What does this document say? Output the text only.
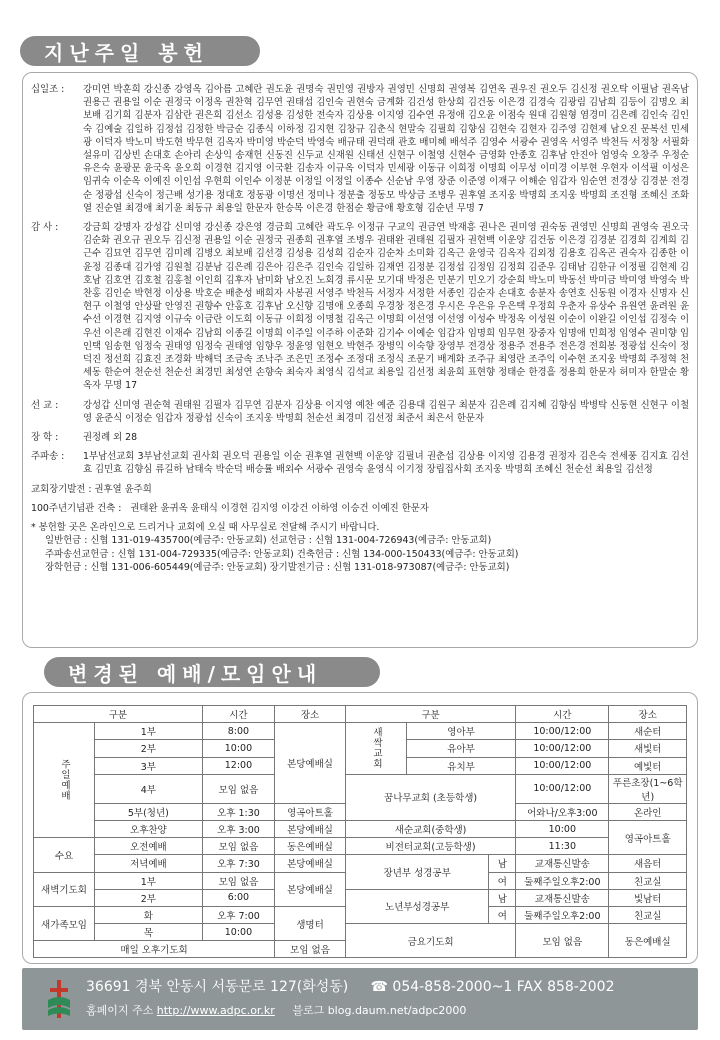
지난주일 봉헌
십일조 :	강미연 박훈희 강신종 강영옥 김아름 고혜란 권도윤 권명숙 권민영 권방자 권영민 신명희 권영복 김연옥 권우진 권오두 김신정 권오탁 이필남 권옥남 권용근 권용일 이순 권정국 이정옥 권찬혁 김무연 권태섭 김인숙 권현숙 금계화 김건성 한상희 김건동 이은경 김경숙 김광림 김남희 김등이 김명오 최보배 김기희 김분자 김삼란 권은희 김선소 김성용 김성한 전숙자 김상용 이지영 김수연 유정애 김오윤 이점숙 원대 김원형 염경미 김은례 김인숙 김인숙 김예술 김일하 김정섭 김정한 박금순 김종식 이하정 김지현 김창규 김춘식 현말숙 김필희 김향심 김현숙 김현자 김주영 김현제 남오진 문복선 민세광 이덕자 박노미 박도현 박무현 김옥자 박미영 박순덕 박영숙 배규태 권덕래 관호 배미혜 배석주 김영수 서광수 권영옥 서영주 박천득 서정창 서필화 설유미 김상빈 손대호 손아리 손상익 송재헌 신동진 신두교 신재원 신태선 신현구 이철영 신현수 금영화 안종호 김후남 안진아 엄영숙 오창주 우정순 유은숙 윤광문 윤국옥 윤오희 이경현 김지영 이국환 김송자 이규옥 이덕자 민세광 이동규 이희정 이명희 이무성 이미경 이부현 우현자 이석필 이성은 임귀숙 이순옥 이예진 이인섭 우현희 이인수 이정분 이정일 이정일 이종수 신순남 우영 장준 이준영 이재구 이해순 임갑자 임순연 전경상 김경분 전경순 정광섭 신숙이 정근배 성기용 정대호 정동광 이명선 정미나 정분출 정동모 박상금 조병우 권후열 조지웅 박명희 조지웅 박명희 조진형 조혜신 조화열 진순열 최경애 최기윤 최동규 최용일 한문자 한승목 이은경 한점순 황금애 황호형 김순년 무명 7
감 사 :	강금희 강명자 강성갑 신미영 강신종 강은영 경금희 고혜란 곽도우 이정규 구교익 권금연 박재흥 권나은 권미영 권숙동 권영민 신명희 권영숙 권오국 김순화 권오규 권오두 김신정 권용일 이순 권정국 권종희 권후열 조병우 권태완 권태원 김필자 권현백 이운양 김건동 이은경 김경분 김경희 김계희 김근수 김묘연 김무연 김미례 김병오 최보배 김선경 김성용 김성희 김순자 김순차 소미화 김옥근 윤영국 김옥자 김외정 김용호 김옥곤 권숙자 김종한 이윤정 김종대 김가영 김원철 김분남 김은례 김은아 김은주 김인숙 김일하 김재연 김정분 김정섭 김정임 김정희 김준우 김태남 김한규 이정필 김현제 김호남 김호연 김호철 김홍철 이인희 김후자 남미화 남오진 노회경 류시문 모기대 박정은 민분기 민오기 강순희 박노미 박동선 박미금 박미영 박영숙 박찬홍 김인순 박현정 이상용 박호순 배춘성 배희자 사봉권 서영주 박천득 서정자 서정한 서종인 김순자 손대호 송분자 송연호 신동원 이경자 신명자 신현구 이철영 안상팔 안영진 권향수 안홍호 김후남 오신향 김명애 오종희 우경창 정은경 우시은 우은유 우은택 우정희 우춘자 유상수 유원연 윤려원 윤수선 이경현 김지영 이규숙 이금란 이도희 이동규 이희정 이명철 김옥근 이명희 이선영 이선영 이성수 박정옥 이성원 이순이 이완길 이인섭 김정숙 이우선 이은래 김현진 이재수 김남희 이종길 이명희 이주일 이주하 이준화 김기수 이예순 임갑자 임명희 임무현 장중자 임명애 민희정 임영수 권미향 임인택 임송현 임정숙 권태영 임정숙 권태영 임향우 정윤영 임현오 박현주 장병익 이숙향 장영부 전경상 정용주 전용주 전은경 전희봉 정광섭 신숙이 정덕진 정선희 김효진 조경화 박해덕 조금속 조낙주 조은민 조정수 조정대 조정식 조문기 배계화 조주규 최영란 조주익 이수현 조지웅 박명희 주정혁 천세동 한순여 천순선 천순선 최경민 최성연 손향숙 최숙자 최영식 김석교 최용일 김선정 최윤희 표현향 정태순 한경흘 정용희 한문자 허미자 한말순 황옥자 무명 17
선 교 :	강성갑 신미영 권순혁 권태원 김필자 김무연 김분자 김상용 이지영 예찬 예준 김용대 김원구 최분자 김은례 김지혜 김향심 박병탁 신동현 신현구 이철영 윤준식 이정순 임갑자 정광섭 신숙이 조지웅 박명희 천순선 최경미 김선정 최준서 최은서 한문자
장 학 :	권정례 외 28
주파송 :	1부남선교회 3부남선교회 권사회 권오덕 권용일 이순 권후열 권현백 이운양 김필녀 권춘섭 김상용 이지영 김용경 권정자 김은숙 전세풍 김지효 김선효 김민효 김향심 류길하 남태숙 박순덕 배승률 배외수 서광수 권영숙 윤영식 이기정 장립집사회 조지웅 박명희 조혜신 천순선 최용일 김선정
교회장기발전 : 권후열 윤주희
100주년기념관 건축 : 권태완 윤귀옥 윤태식 이경현 김지영 이강건 이하영 이승건 이예진 한문자
* 봉헌할 곳은 온라인으로 드리거나 교회에 오실 때 사무실로 전달해 주시기 바랍니다.
일반헌금 : 신협 131-019-435700(예금주: 안동교회) 선교헌금 : 신협 131-004-726943(예금주: 안동교회)
주파송선교헌금 : 신협 131-004-729335(예금주: 안동교회) 건축헌금 : 신협 134-000-150433(예금주: 안동교회)
장학헌금 : 신협 131-006-605449(예금주: 안동교회) 장기발전기금 : 신협 131-018-973087(예금주: 안동교회)
변경된 예배/모임안내
구분		시간	장소	구분			시간	장소
주일예배	1부	8:00	본당예배실	새싹교회	영아부		10:00/12:00	새순터
	2부	10:00			유아부		10:00/12:00	새빛터
	3부	12:00			유치부		10:00/12:00	예빛터
	4부	모임 없음		꿈나무교회 (초등학생)			10:00/12:00	푸른초장(1~6학년)
	5부(청년)	오후 1:30	영곡아트홀				어와나/오후3:00	온라인
	오후찬양	오후 3:00	본당예배실	새순교회(중학생)			10:00	영곡아트홀
수요	오전예배	모임 없음	동은예배실	비전터교회(고등학생)			11:30	
	저녁예배	오후 7:30	본당예배실	장년부 성경공부		남	교재통신발송	새음터
새벽기도회	1부	모임 없음	본당예배실			여	둘째주일오후2:00	친교실
	2부	6:00		노년부성경공부		남	교재통신발송	빛남터
새가족모임	화	오후 7:00	생명터			여	둘째주일오후2:00	친교실
	목	10:00		금요기도회			모임 없음	동은예배실
매일 오후기도회			모임 없음					
36691 경북 안동시 서동문로 127(화성동) ☎ 054-858-2000~1 FAX 858-2002
홈페이지 주소 http://www.adpc.or.kr 블로그 blog.daum.net/adpc2000
